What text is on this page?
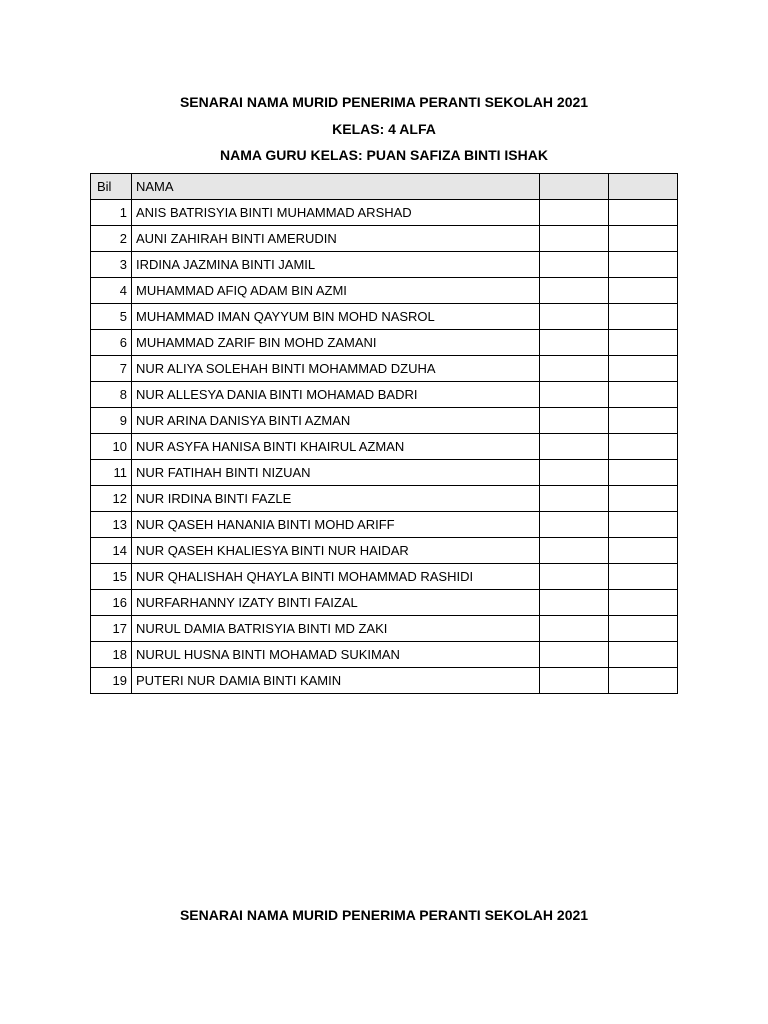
SENARAI NAMA MURID PENERIMA PERANTI SEKOLAH 2021
KELAS: 4 ALFA
NAMA GURU KELAS: PUAN SAFIZA BINTI ISHAK
Bil	NAMA		
1	ANIS BATRISYIA BINTI MUHAMMAD ARSHAD		
2	AUNI ZAHIRAH BINTI AMERUDIN		
3	IRDINA JAZMINA BINTI JAMIL		
4	MUHAMMAD AFIQ ADAM BIN AZMI		
5	MUHAMMAD IMAN QAYYUM BIN MOHD NASROL		
6	MUHAMMAD ZARIF BIN MOHD ZAMANI		
7	NUR ALIYA SOLEHAH BINTI MOHAMMAD DZUHA		
8	NUR ALLESYA DANIA BINTI MOHAMAD BADRI		
9	NUR ARINA DANISYA BINTI AZMAN		
10	NUR ASYFA HANISA BINTI KHAIRUL AZMAN		
11	NUR FATIHAH BINTI NIZUAN		
12	NUR IRDINA BINTI FAZLE		
13	NUR QASEH HANANIA BINTI MOHD ARIFF		
14	NUR QASEH KHALIESYA BINTI NUR HAIDAR		
15	NUR QHALISHAH QHAYLA BINTI MOHAMMAD RASHIDI		
16	NURFARHANNY IZATY BINTI FAIZAL		
17	NURUL DAMIA BATRISYIA BINTI MD ZAKI		
18	NURUL HUSNA BINTI MOHAMAD SUKIMAN		
19	PUTERI NUR DAMIA BINTI KAMIN		
SENARAI NAMA MURID PENERIMA PERANTI SEKOLAH 2021
